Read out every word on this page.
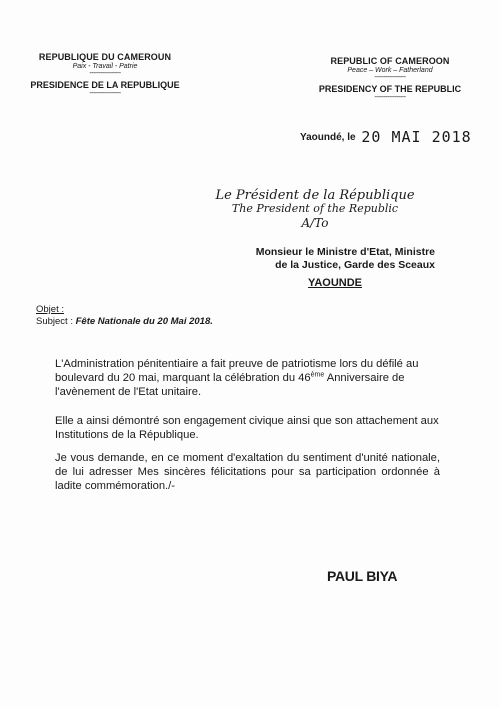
REPUBLIQUE DU CAMEROUN
Paix - Travail - Patrie
-----------------
PRESIDENCE DE LA REPUBLIQUE
-----------------
REPUBLIC OF CAMEROON
Peace – Work – Fatherland
-----------------
PRESIDENCY OF THE REPUBLIC
-----------------
Yaoundé, le 20 MAI 2018
Le Président de la République
The President of the Republic
A/To
Monsieur le Ministre d'Etat, Ministre
de la Justice, Garde des Sceaux
YAOUNDE
Objet :
Subject : Fête Nationale du 20 Mai 2018.
L'Administration pénitentiaire a fait preuve de patriotisme lors du défilé au boulevard du 20 mai, marquant la célébration du 46ème Anniversaire de l'avènement de l'Etat unitaire.
Elle a ainsi démontré son engagement civique ainsi que son attachement aux Institutions de la République.
Je vous demande, en ce moment d'exaltation du sentiment d'unité nationale, de lui adresser Mes sincères félicitations pour sa participation ordonnée à ladite commémoration./-
PAUL BIYA
